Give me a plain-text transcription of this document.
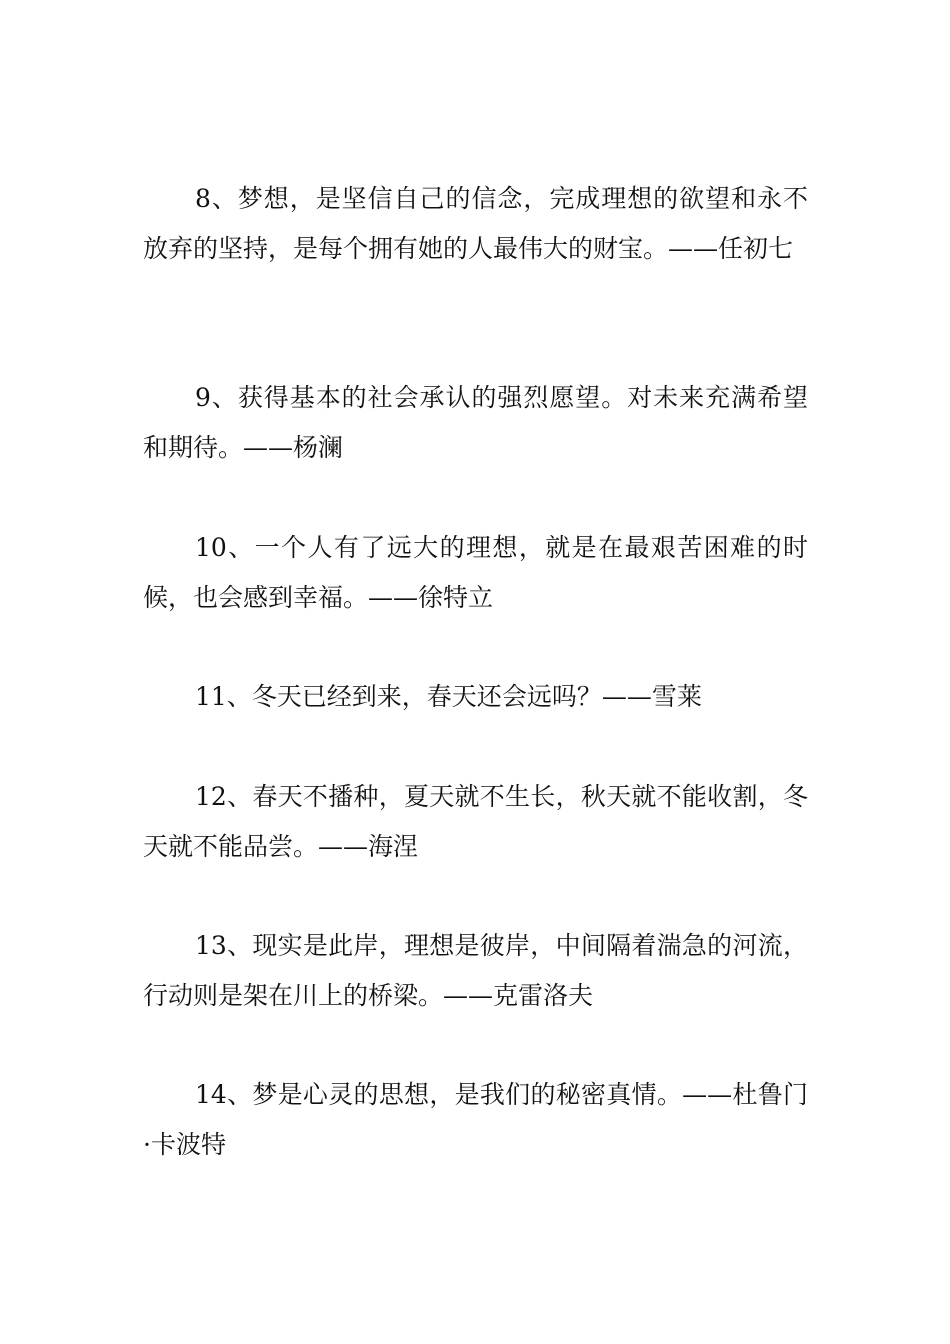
8、梦想，是坚信自己的信念，完成理想的欲望和永不放弃的坚持，是每个拥有她的人最伟大的财宝。——任初七

9、获得基本的社会承认的强烈愿望。对未来充满希望和期待。——杨澜

10、一个人有了远大的理想，就是在最艰苦困难的时候，也会感到幸福。——徐特立

11、冬天已经到来，春天还会远吗？——雪莱

12、春天不播种，夏天就不生长，秋天就不能收割，冬天就不能品尝。——海涅

13、现实是此岸，理想是彼岸，中间隔着湍急的河流，行动则是架在川上的桥梁。——克雷洛夫

14、梦是心灵的思想，是我们的秘密真情。——杜鲁门·卡波特
